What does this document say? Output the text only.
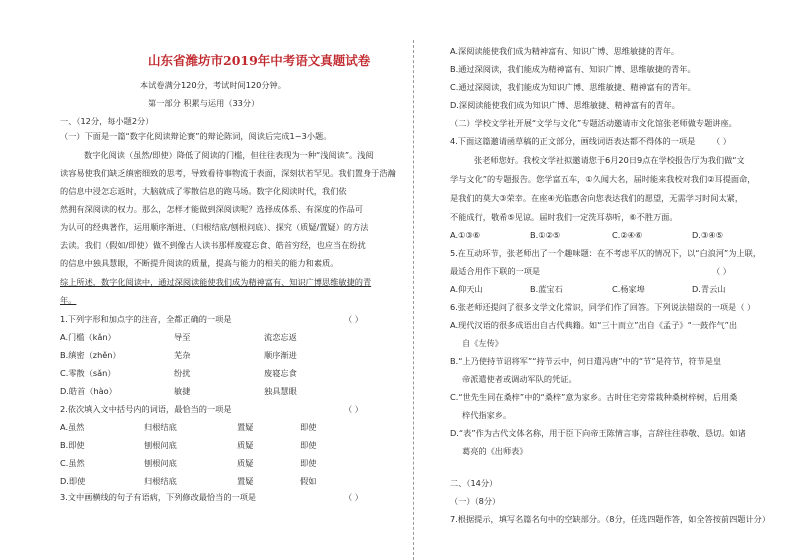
山东省潍坊市2019年中考语文真题试卷
本试卷满分120分，考试时间120分钟。
第一部分 积累与运用（33分）
一、（12分，每小题2分）
（一）下面是一篇“数字化阅读辩论赛”的辩论陈词，阅读后完成1~3小题。
数字化阅读（虽然/即使）降低了阅读的门槛，但往往表现为一种“浅阅读”。浅阅
读容易使我们缺乏缜密细致的思考，导致看待事物流于表面，深刻状若罕见。我们置身于浩瀚
的信息中浸怎忘返时，大脑就成了零散信息的跑马场。数字化阅读时代，我们依
然拥有深阅读的权力。那么，怎样才能做到深阅读呢？选择成体系、有深度的作品可
为认可的经典著作，运用顺序渐进、（归根结底/刨根问底）、探究（质疑/置疑）的方法
去读。我们（假如/即使）做不到像古人读书那样废寝忘食、皓首穷经，也应当在纷扰
的信息中独具慧眼，不断提升阅读的质量，提高与能力的相关的能力和素质。
综上所述，数字化阅读中，通过深阅读能使我们成为精神富有、知识广博思维敏捷的青
年。
1.下列字形和加点字的注音，全都正确的一项是	（ ）
A.门槛（kǎn）	导至	流恋忘返
B.缜密（zhěn）	芜杂	顺序渐进
C.零散（sǎn）	纷扰	废寝忘食
D.皓首（hào）	敏捷	独具慧眼
2.依次填入文中括号内的词语，最恰当的一项是	（ ）
A.虽然	归根结底	置疑	即使
B.即使	刨根问底	质疑	即使
C.虽然	刨根问底	质疑	即使
D.即使	归根结底	置疑	假如
3.文中画横线的句子有语病，下列修改最恰当的一项是	（ ）
A.深阅读能使我们成为精神富有、知识广博、思维敏捷的青年。
B.通过深阅读，我们能成为精神富有、知识广博、思维敏捷的青年。
C.通过深阅读，我们能成为知识广博、思维敏捷、精神富有的青年。
D.深阅读能使我们成为知识广博、思维敏捷、精神富有的青年。
（二）学校文学社开展“文学与文化”专题活动邀请市文化馆张老师做专题讲座。
4.下面这篇邀请函草稿的正文部分，画线词语表达都不得体的一项是 （ ）
张老师您好。我校文学社拟邀请您于6月20日9点在学校报告厅为我们做“文
学与文化”的专题报告。您学富五车，①久闻大名，届时能来我校对我们②耳提面命，
是我们的莫大③荣幸。在座④光临惠舍向您表达我们的愿望，无需学习时间太紧，
不能成行，敬希⑤见谅。届时我们一定洗耳恭听，⑥不胜万面。
A.①③⑥	B.①②⑤	C.②④⑥	D.③④⑤
5.在互动环节，张老师出了一个趣味题：在不考虑平仄的情况下，以“白浪河”为上联，
最适合用作下联的一项是	（ ）
A.仰天山	B.蓝宝石	C.杨家埠	D.青云山
6.张老师还提问了很多文学文化常识，同学们作了回答。下列说法错误的一项是（ ）
A.现代汉语的很多成语出自古代典籍。如“三十而立”出自《孟子》“一鼓作气”出
自《左传》
B.“上乃使持节诏将军”“持节云中，何日遣冯唐”中的“节”是符节，符节是皇
帝派遣使者或调动军队的凭证。
C.“世先生同在桑梓”中的“桑梓”意为家乡。古时住宅旁常栽种桑树梓树，后用桑
梓代指家乡。
D.“表”作为古代文体名称，用于臣下向帝王陈情言事，言辞往往恭敬、恳切。如诸
葛亮的《出师表》
二、（14分）
（一）（8分）
7.根据提示，填写名篇名句中的空缺部分。（8分，任选四题作答，如全答按前四题计分）
